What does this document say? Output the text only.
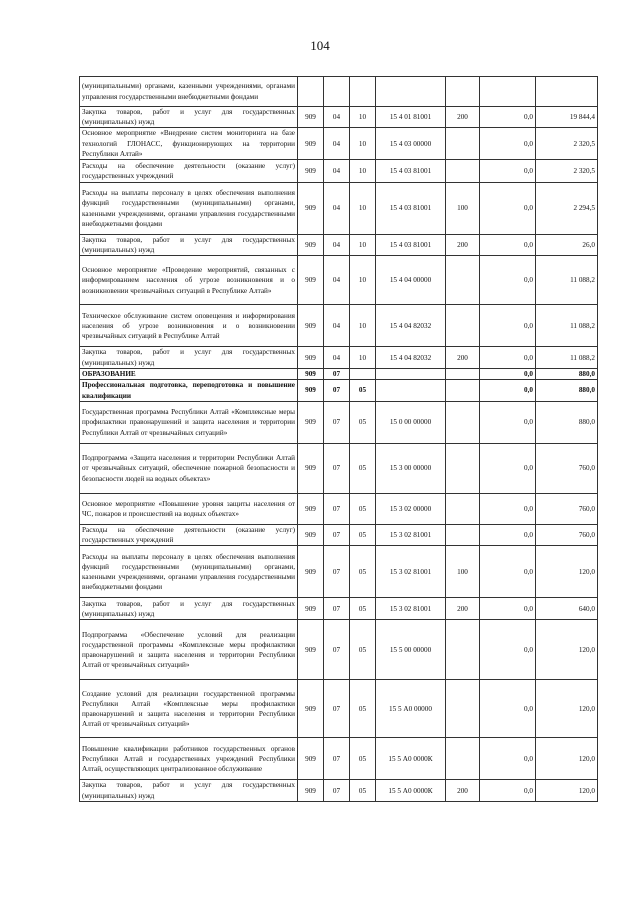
104
(муниципальными) органами, казенными учреждениями, органами управления государственными внебюджетными фондами							
Закупка товаров, работ и услуг для государственных (муниципальных) нужд	909	04	10	15 4 01 81001	200	0,0	19 844,4
Основное мероприятие «Внедрение систем мониторинга на базе технологий ГЛОНАСС, функционирующих на территории Республики Алтай»	909	04	10	15 4 03 00000		0,0	2 320,5
Расходы на обеспечение деятельности (оказание услуг) государственных учреждений	909	04	10	15 4 03 81001		0,0	2 320,5
Расходы на выплаты персоналу в целях обеспечения выполнения функций государственными (муниципальными) органами, казенными учреждениями, органами управления государственными внебюджетными фондами	909	04	10	15 4 03 81001	100	0,0	2 294,5
Закупка товаров, работ и услуг для государственных (муниципальных) нужд	909	04	10	15 4 03 81001	200	0,0	26,0
Основное мероприятие «Проведение мероприятий, связанных с информированием населения об угрозе возникновения и о возникновении чрезвычайных ситуаций в Республике Алтай»	909	04	10	15 4 04 00000		0,0	11 088,2
Техническое обслуживание систем оповещения и информирования населения об угрозе возникновения и о возникновении чрезвычайных ситуаций в Республике Алтай	909	04	10	15 4 04 82032		0,0	11 088,2
Закупка товаров, работ и услуг для государственных (муниципальных) нужд	909	04	10	15 4 04 82032	200	0,0	11 088,2
ОБРАЗОВАНИЕ	909	07				0,0	880,0
Профессиональная подготовка, переподготовка и повышение квалификации	909	07	05			0,0	880,0
Государственная программа Республики Алтай «Комплексные меры профилактики правонарушений и защита населения и территории Республики Алтай от чрезвычайных ситуаций»	909	07	05	15 0 00 00000		0,0	880,0
Подпрограмма «Защита населения и территории Республики Алтай от чрезвычайных ситуаций, обеспечение пожарной безопасности и безопасности людей на водных объектах»	909	07	05	15 3 00 00000		0,0	760,0
Основное мероприятие «Повышение уровня защиты населения от ЧС, пожаров и происшествий на водных объектах»	909	07	05	15 3 02 00000		0,0	760,0
Расходы на обеспечение деятельности (оказание услуг) государственных учреждений	909	07	05	15 3 02 81001		0,0	760,0
Расходы на выплаты персоналу в целях обеспечения выполнения функций государственными (муниципальными) органами, казенными учреждениями, органами управления государственными внебюджетными фондами	909	07	05	15 3 02 81001	100	0,0	120,0
Закупка товаров, работ и услуг для государственных (муниципальных) нужд	909	07	05	15 3 02 81001	200	0,0	640,0
Подпрограмма «Обеспечение условий для реализации государственной программы «Комплексные меры профилактики правонарушений и защита населения и территории Республики Алтай от чрезвычайных ситуаций»	909	07	05	15 5 00 00000		0,0	120,0
Создание условий для реализации государственной программы Республики Алтай «Комплексные меры профилактики правонарушений и защита населения и территории Республики Алтай от чрезвычайных ситуаций»	909	07	05	15 5 А0 00000		0,0	120,0
Повышение квалификации работников государственных органов Республики Алтай и государственных учреждений Республики Алтай, осуществляющих централизованное обслуживание	909	07	05	15 5 А0 0000К		0,0	120,0
Закупка товаров, работ и услуг для государственных (муниципальных) нужд	909	07	05	15 5 А0 0000К	200	0,0	120,0
